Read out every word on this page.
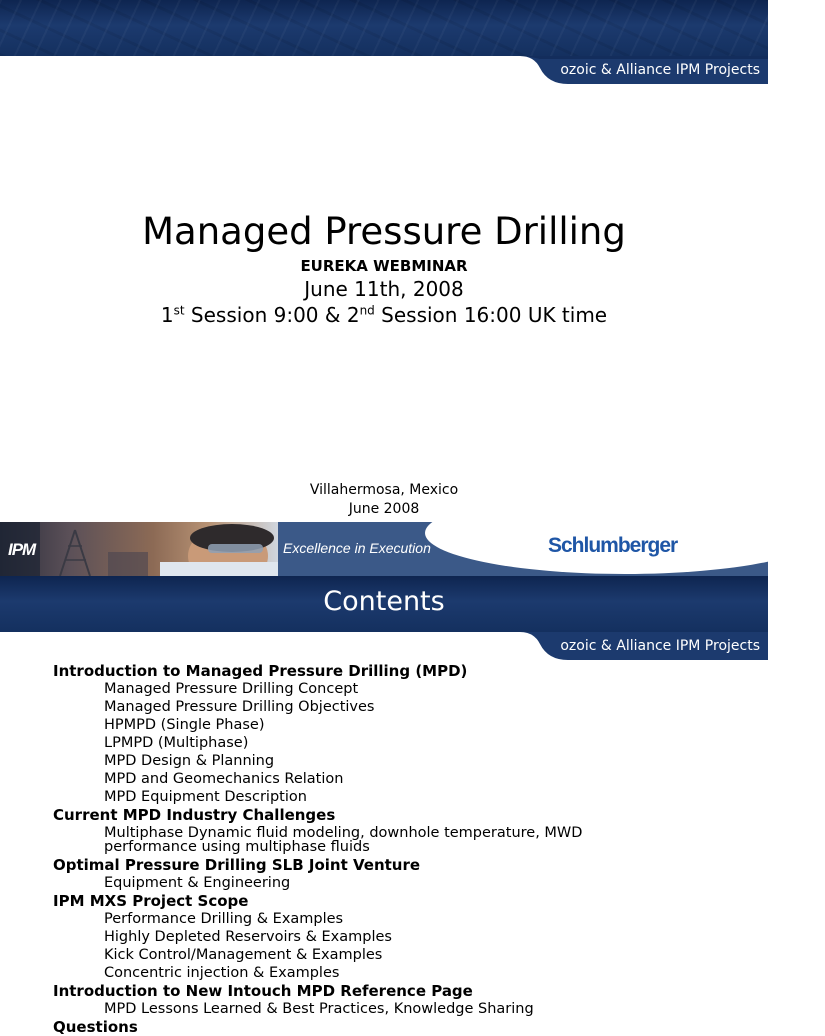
ozoic & Alliance IPM Projects
Managed Pressure Drilling
EUREKA WEBMINAR
June 11th, 2008
1st Session 9:00 & 2nd Session 16:00 UK time
Villahermosa, Mexico
June 2008
IPM	Excellence in Execution	Schlumberger
Contents
ozoic & Alliance IPM Projects

Introduction to Managed Pressure Drilling (MPD)

Managed Pressure Drilling Concept

Managed Pressure Drilling Objectives

HPMPD (Single Phase)

LPMPD (Multiphase)

MPD Design & Planning

MPD and Geomechanics Relation

MPD Equipment Description

Current MPD Industry Challenges

Multiphase Dynamic fluid modeling, downhole temperature, MWD performance using multiphase fluids

Optimal Pressure Drilling SLB Joint Venture

Equipment & Engineering

IPM MXS Project Scope

Performance Drilling & Examples

Highly Depleted Reservoirs & Examples

Kick Control/Management & Examples

Concentric injection & Examples

Introduction to New Intouch MPD Reference Page

MPD Lessons Learned & Best Practices, Knowledge Sharing

Questions
